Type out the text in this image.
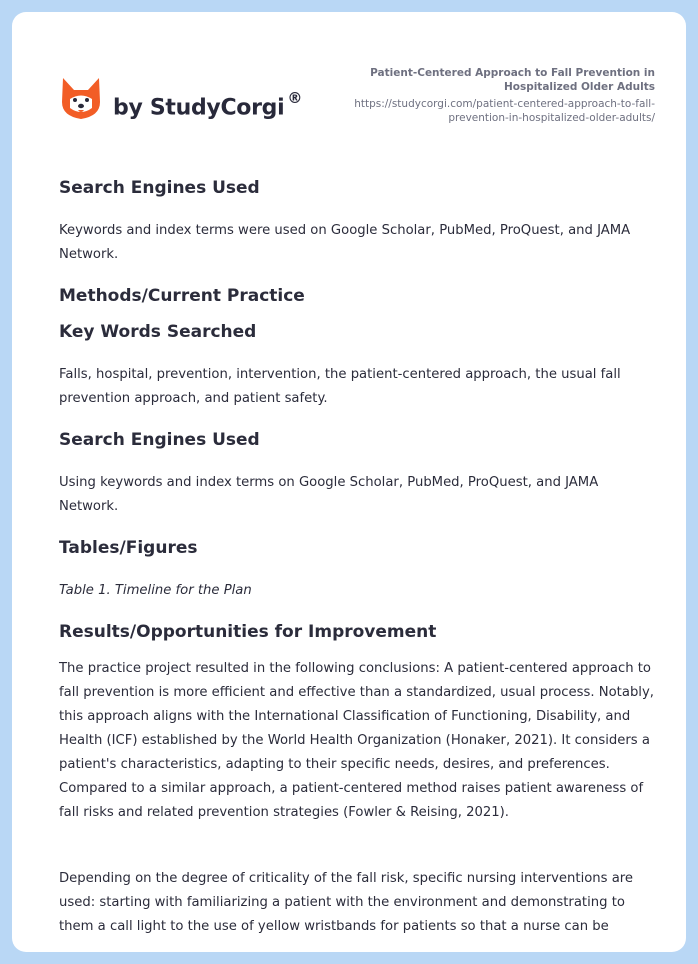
by StudyCorgi ®
Patient-Centered Approach to Fall Prevention in Hospitalized Older Adults
https://studycorgi.com/patient-centered-approach-to-fall-prevention-in-hospitalized-older-adults/
Search Engines Used

Keywords and index terms were used on Google Scholar, PubMed, ProQuest, and JAMA Network.

Methods/Current Practice
Key Words Searched

Falls, hospital, prevention, intervention, the patient-centered approach, the usual fall prevention approach, and patient safety.

Search Engines Used

Using keywords and index terms on Google Scholar, PubMed, ProQuest, and JAMA Network.

Tables/Figures

Table 1. Timeline for the Plan

Results/Opportunities for Improvement

The practice project resulted in the following conclusions: A patient-centered approach to fall prevention is more efficient and effective than a standardized, usual process. Notably, this approach aligns with the International Classification of Functioning, Disability, and Health (ICF) established by the World Health Organization (Honaker, 2021). It considers a patient's characteristics, adapting to their specific needs, desires, and preferences. Compared to a similar approach, a patient-centered method raises patient awareness of fall risks and related prevention strategies (Fowler & Reising, 2021).

Depending on the degree of criticality of the fall risk, specific nursing interventions are used: starting with familiarizing a patient with the environment and demonstrating to them a call light to the use of yellow wristbands for patients so that a nurse can be
